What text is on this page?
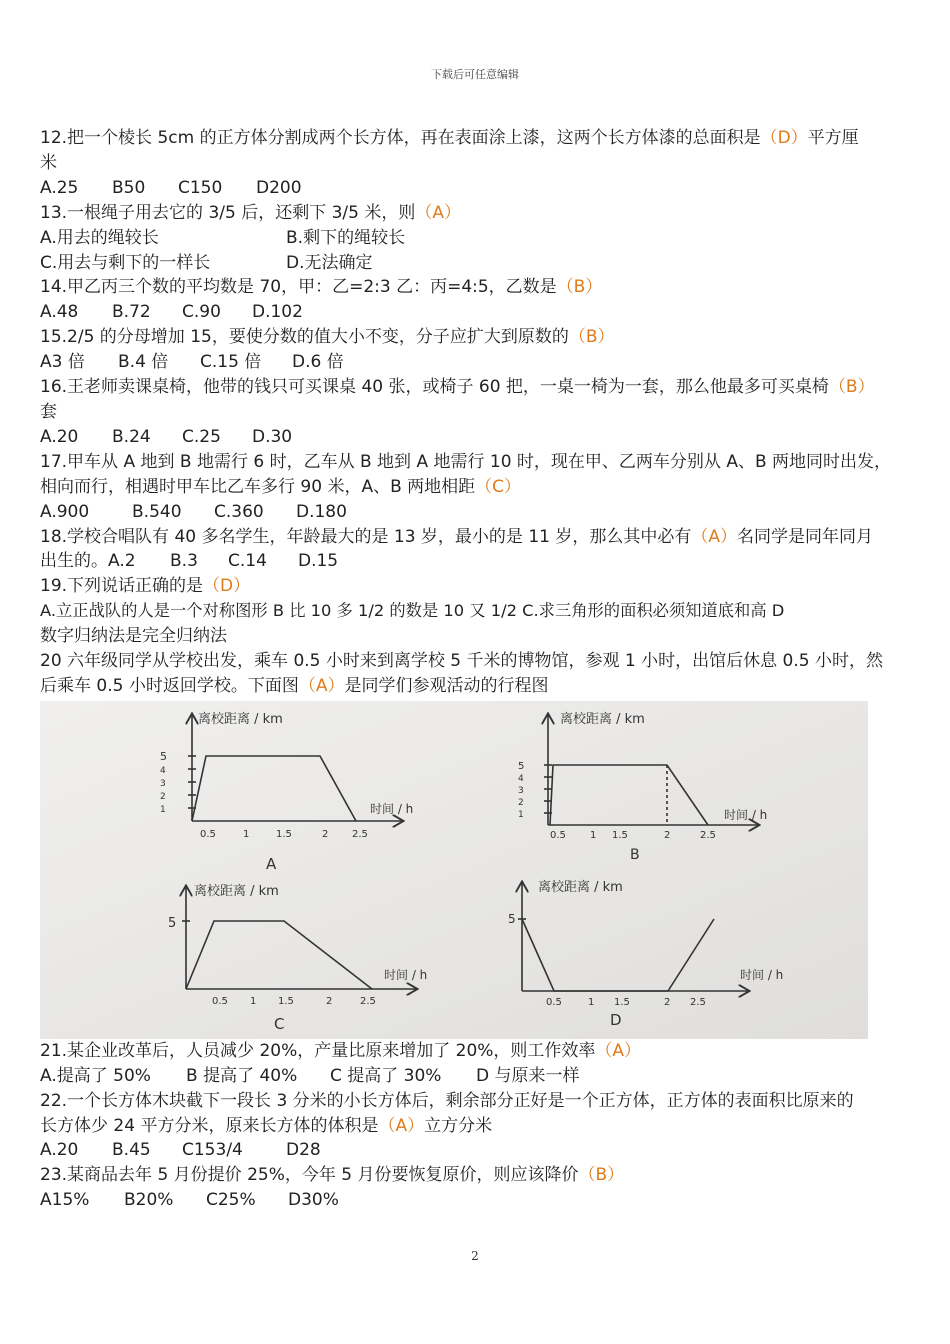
下载后可任意编辑
12.把一个棱长 5cm 的正方体分割成两个长方体，再在表面涂上漆，这两个长方体漆的总面积是（D）平方厘
米
A.25 B50 C150 D200
13.一根绳子用去它的 3/5 后，还剩下 3/5 米，则（A）
A.用去的绳较长	B.剩下的绳较长
C.用去与剩下的一样长	D.无法确定
14.甲乙丙三个数的平均数是 70，甲：乙=2:3 乙：丙=4:5，乙数是（B）
A.48 B.72 C.90 D.102
15.2/5 的分母增加 15，要使分数的值大小不变，分子应扩大到原数的（B）
A3 倍 B.4 倍 C.15 倍 D.6 倍
16.王老师卖课桌椅，他带的钱只可买课桌 40 张，或椅子 60 把，一桌一椅为一套，那么他最多可买桌椅（B）
套
A.20 B.24 C.25 D.30
17.甲车从 A 地到 B 地需行 6 时，乙车从 B 地到 A 地需行 10 时，现在甲、乙两车分别从 A、B 两地同时出发，
相向而行，相遇时甲车比乙车多行 90 米，A、B 两地相距（C）
A.900	B.540 C.360 D.180
18.学校合唱队有 40 多名学生，年龄最大的是 13 岁，最小的是 11 岁，那么其中必有（A）名同学是同年同月
出生的。A.2 B.3 C.14 D.15
19.下列说话正确的是（D）
A.立正战队的人是一个对称图形 B 比 10 多 1/2 的数是 10 又 1/2 C.求三角形的面积必须知道底和高 D
数字归纳法是完全归纳法
20 六年级同学从学校出发，乘车 0.5 小时来到离学校 5 千米的博物馆，参观 1 小时，出馆后休息 0.5 小时，然
后乘车 0.5 小时返回学校。下面图（A）是同学们参观活动的行程图
离校距离 / km
时间 / h
5
4
3
2
1
0.5	1	1.5	2 2.5
A
离校距离 / km
时间 / h
5
4
3
2
1
0.5 1 1.5	2	2.5
B
离校距离 / km
时间 / h
5
0.5 1 1.5	2	2.5
C
离校距离 / km
时间 / h
5
0.5	1 1.5	2 2.5
D
21.某企业改革后，人员减少 20%，产量比原来增加了 20%，则工作效率（A）
A.提高了 50% B 提高了 40% C 提高了 30% D 与原来一样
22.一个长方体木块截下一段长 3 分米的小长方体后，剩余部分正好是一个正方体，正方体的表面积比原来的
长方体少 24 平方分米，原来长方体的体积是（A）立方分米
A.20 B.45 C153/4	D28
23.某商品去年 5 月份提价 25%，今年 5 月份要恢复原价，则应该降价（B）
A15% B20% C25% D30%
2
